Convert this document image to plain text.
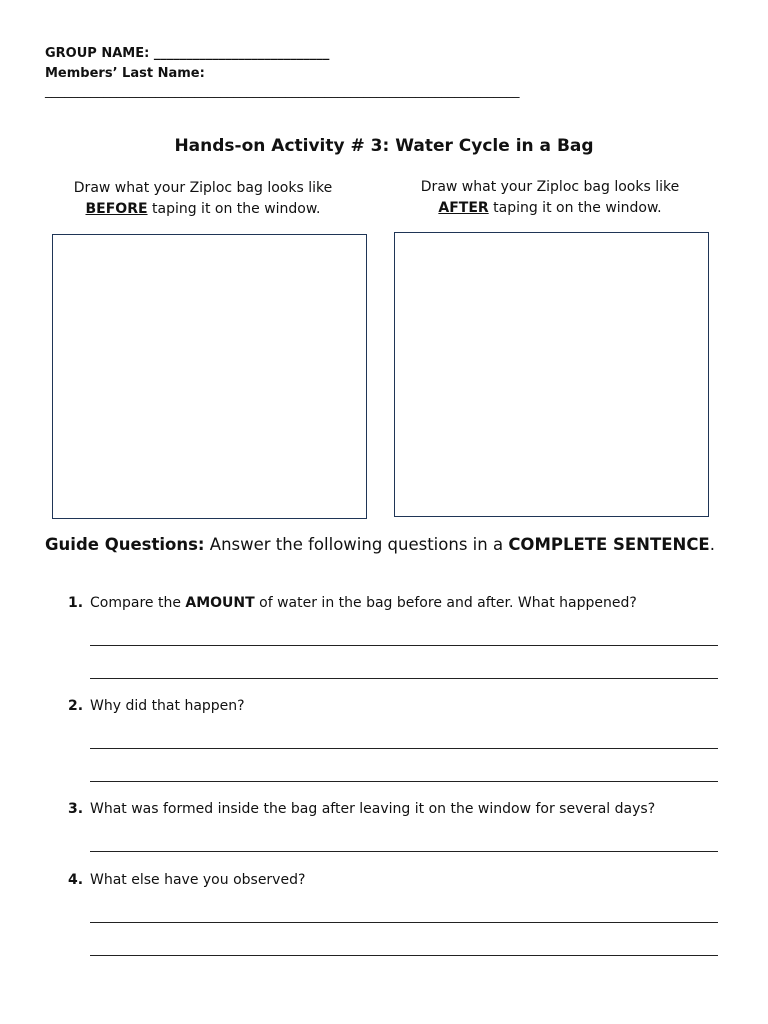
GROUP NAME: ___________________________
Members’ Last Name:
_________________________________________________________________________
Hands-on Activity # 3: Water Cycle in a Bag
Draw what your Ziploc bag looks like
BEFORE taping it on the window.
Draw what your Ziploc bag looks like
AFTER taping it on the window.
Guide Questions: Answer the following questions in a COMPLETE SENTENCE.
1. Compare the AMOUNT of water in the bag before and after. What happened?
2. Why did that happen?
3. What was formed inside the bag after leaving it on the window for several days?
4. What else have you observed?
